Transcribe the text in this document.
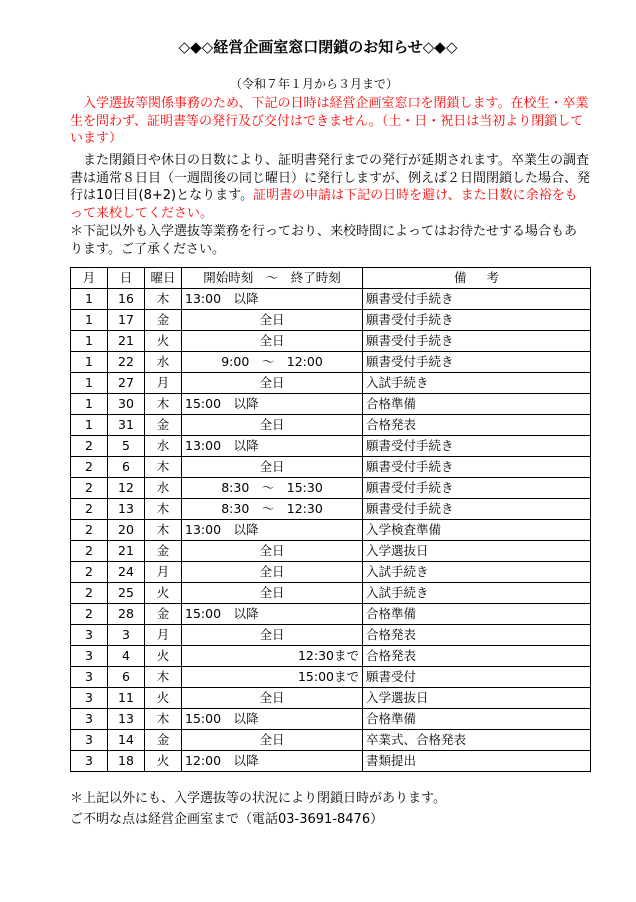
◇◆◇経営企画室窓口閉鎖のお知らせ◇◆◇
（令和７年１月から３月まで）
入学選抜等関係事務のため、下記の日時は経営企画室窓口を閉鎖します。在校生・卒業生を問わず、証明書等の発行及び交付はできません。（土・日・祝日は当初より閉鎖しています）
また閉鎖日や休日の日数により、証明書発行までの発行が延期されます。卒業生の調査書は通常８日目（一週間後の同じ曜日）に発行しますが、例えば２日間閉鎖した場合、発行は10日目(8+2)となります。証明書の申請は下記の日時を避け、また日数に余裕をもって来校してください。
＊下記以外も入学選抜等業務を行っており、来校時間によってはお待たせする場合もあります。ご了承ください。
月	日	曜日	開始時刻　～　終了時刻	備考
1	16	木	13:00　以降	願書受付手続き
1	17	金	全日	願書受付手続き
1	21	火	全日	願書受付手続き
1	22	水	9:00　～　12:00	願書受付手続き
1	27	月	全日	入試手続き
1	30	木	15:00　以降	合格準備
1	31	金	全日	合格発表
2	5	水	13:00　以降	願書受付手続き
2	6	木	全日	願書受付手続き
2	12	水	8:30　～　15:30	願書受付手続き
2	13	木	8:30　～　12:30	願書受付手続き
2	20	木	13:00　以降	入学検査準備
2	21	金	全日	入学選抜日
2	24	月	全日	入試手続き
2	25	火	全日	入試手続き
2	28	金	15:00　以降	合格準備
3	3	月	全日	合格発表
3	4	火	12:30まで	合格発表
3	6	木	15:00まで	願書受付
3	11	火	全日	入学選抜日
3	13	木	15:00　以降	合格準備
3	14	金	全日	卒業式、合格発表
3	18	火	12:00　以降	書類提出
＊上記以外にも、入学選抜等の状況により閉鎖日時があります。
ご不明な点は経営企画室まで（電話03-3691-8476）
